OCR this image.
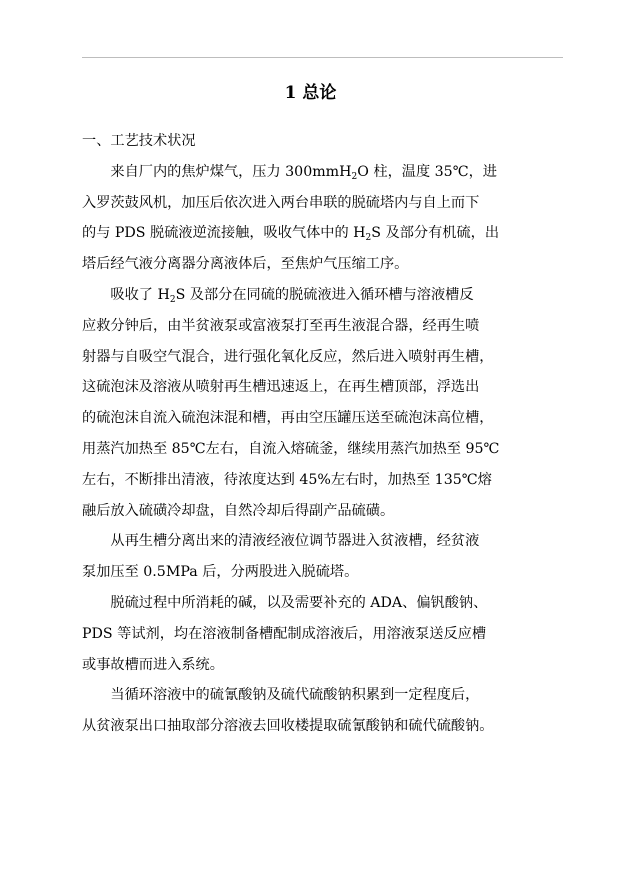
1 总论

一、工艺技术状况

来自厂内的焦炉煤气，压力 300mmH$_2$O 柱，温度 35℃，进
入罗茨鼓风机，加压后依次进入两台串联的脱硫塔内与自上而下
的与 PDS 脱硫液逆流接触，吸收气体中的 $H_2S$ 及部分有机硫，出
塔后经气液分离器分离液体后，至焦炉气压缩工序。

吸收了 $H_2S$ 及部分在同硫的脱硫液进入循环槽与溶液槽反
应救分钟后，由半贫液泵或富液泵打至再生液混合器，经再生喷
射器与自吸空气混合，进行强化氧化反应，然后进入喷射再生槽，
这硫泡沫及溶液从喷射再生槽迅速返上，在再生槽顶部，浮选出
的硫泡沫自流入硫泡沫混和槽，再由空压罐压送至硫泡沫高位槽，
用蒸汽加热至 85℃左右，自流入熔硫釜，继续用蒸汽加热至 95℃
左右，不断排出清液，待浓度达到 45%左右时，加热至 135℃熔
融后放入硫磺冷却盘，自然冷却后得副产品硫磺。

从再生槽分离出来的清液经液位调节器进入贫液槽，经贫液
泵加压至 0.5MPa 后，分两股进入脱硫塔。

脱硫过程中所消耗的碱，以及需要补充的 ADA、偏钒酸钠、
PDS 等试剂，均在溶液制备槽配制成溶液后，用溶液泵送反应槽
或事故槽而进入系统。

当循环溶液中的硫氰酸钠及硫代硫酸钠积累到一定程度后，
从贫液泵出口抽取部分溶液去回收楼提取硫氰酸钠和硫代硫酸钠。
